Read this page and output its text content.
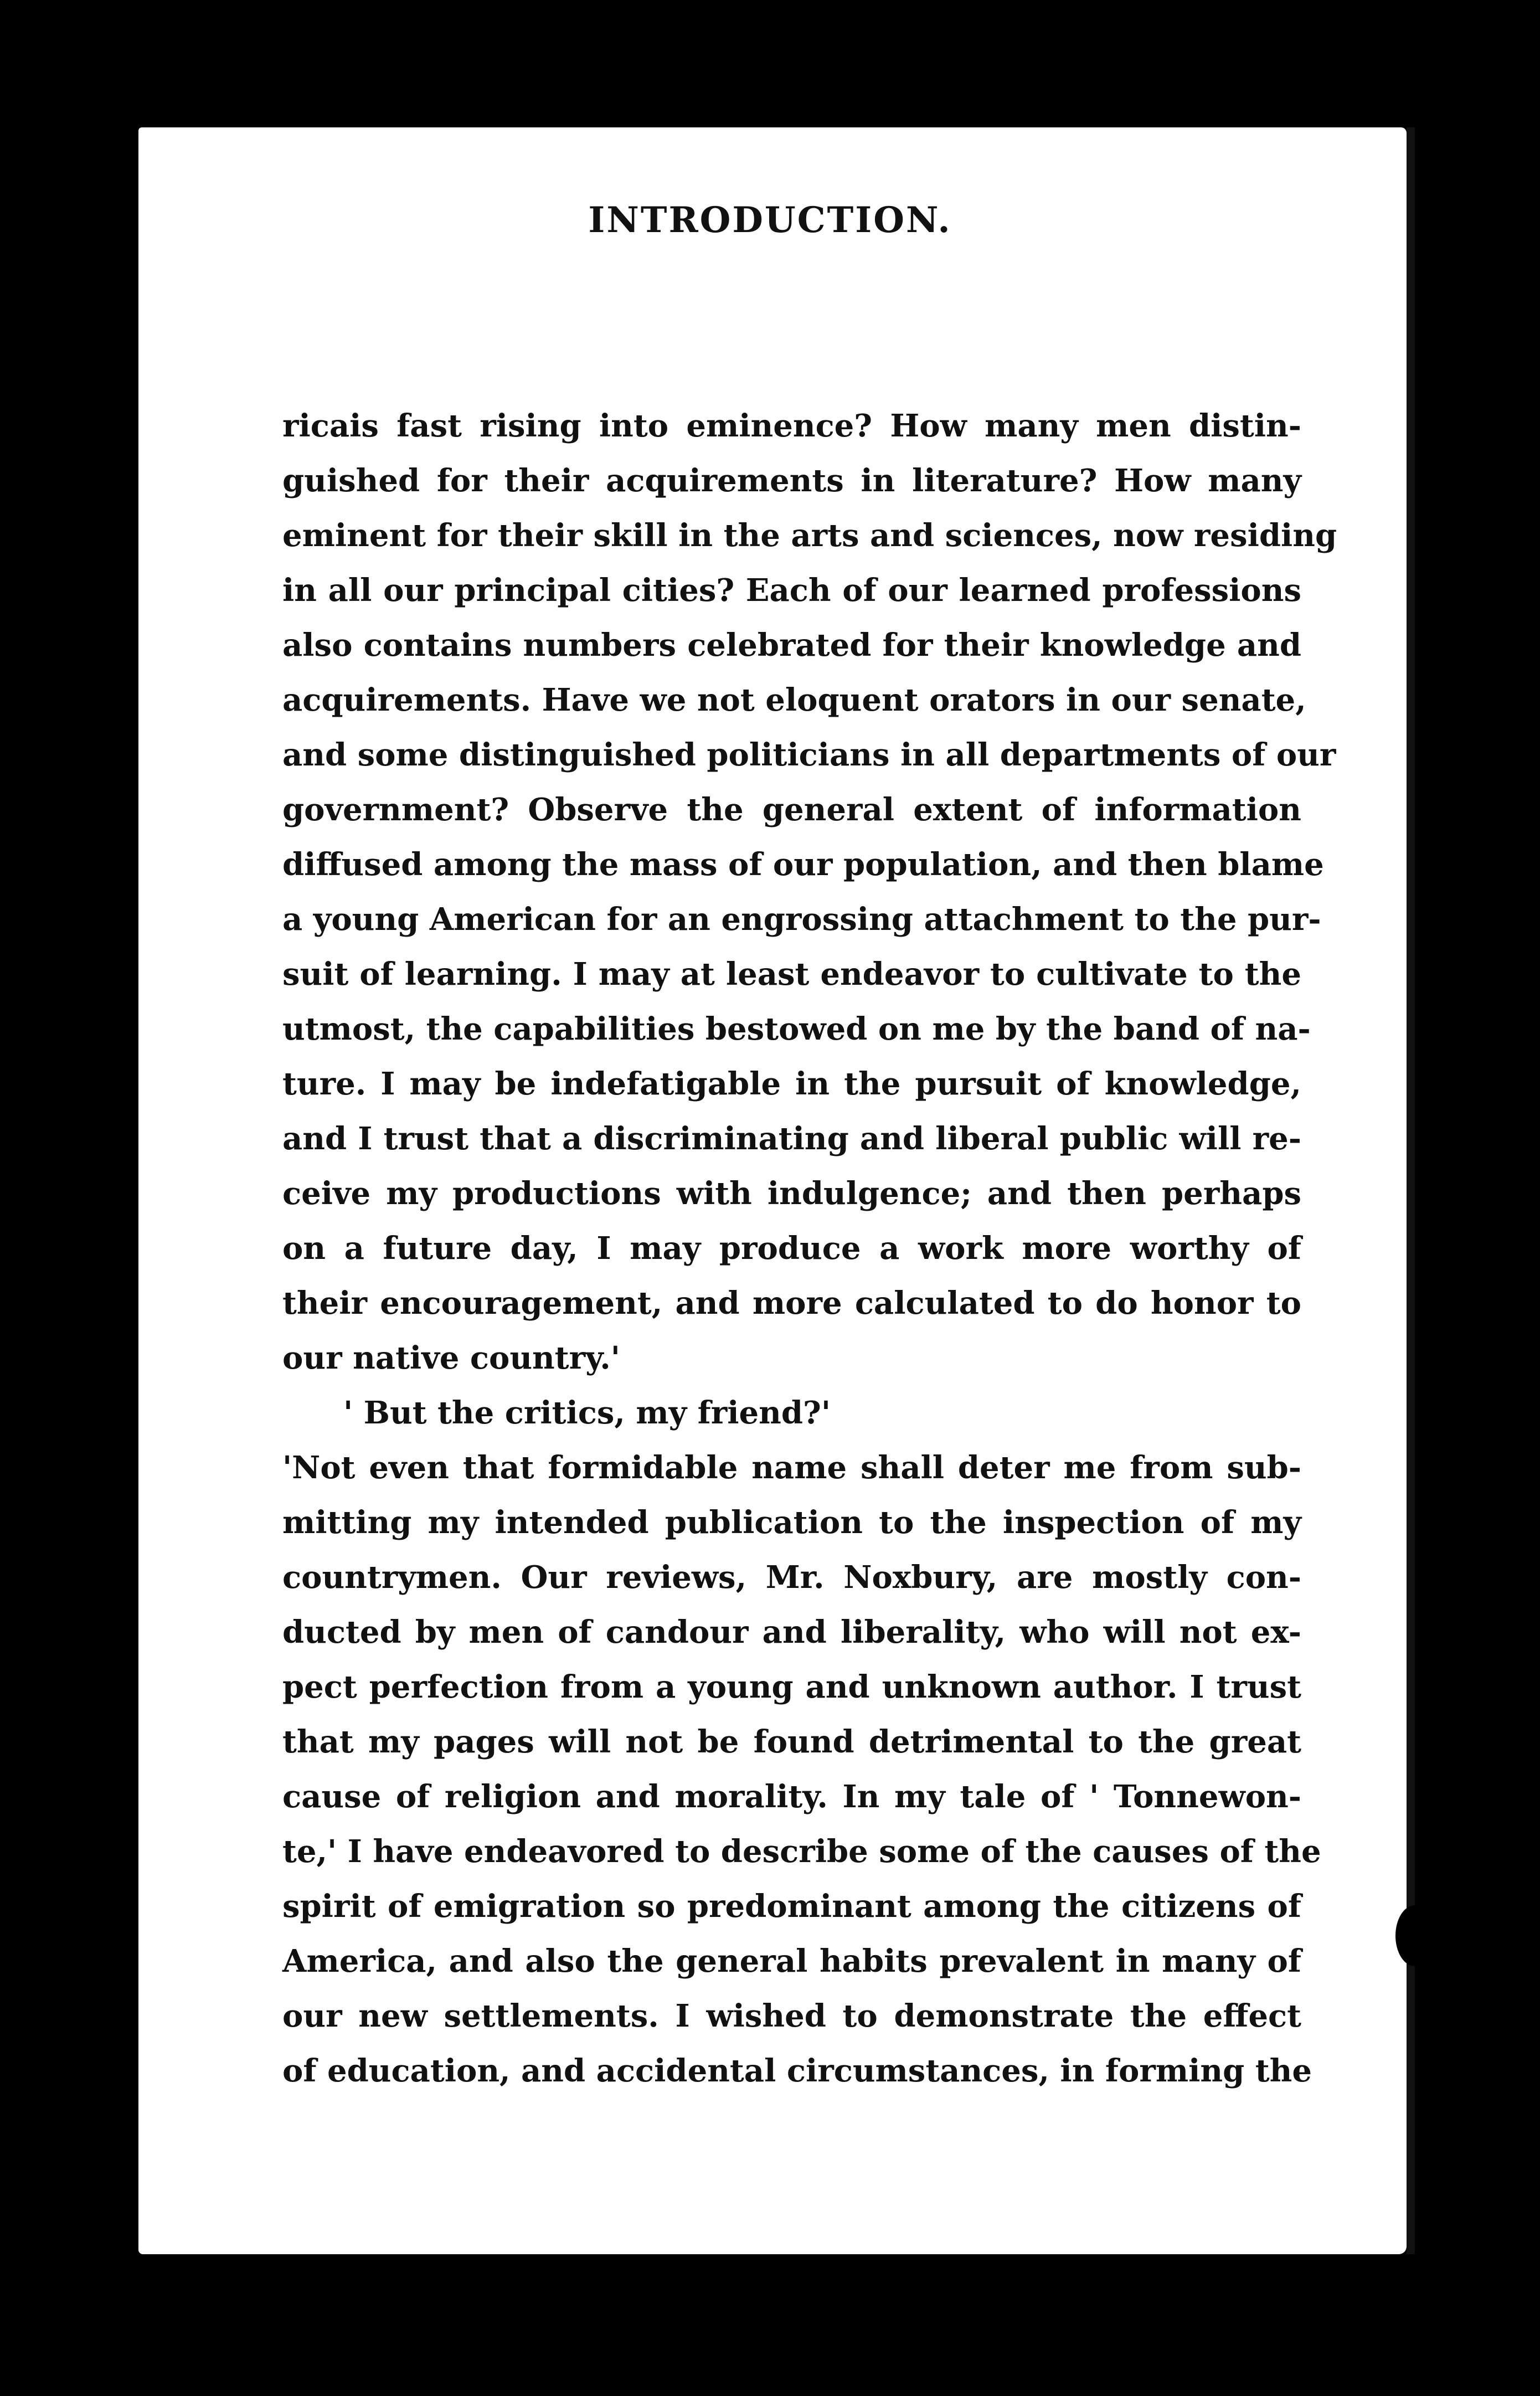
INTRODUCTION.
ricais fast rising into eminence? How many men distin-
guished for their acquirements in literature? How many
eminent for their skill in the arts and sciences, now residing
in all our principal cities? Each of our learned professions
also contains numbers celebrated for their knowledge and
acquirements. Have we not eloquent orators in our senate,
and some distinguished politicians in all departments of our
government? Observe the general extent of information
diffused among the mass of our population, and then blame
a young American for an engrossing attachment to the pur-
suit of learning. I may at least endeavor to cultivate to the
utmost, the capabilities bestowed on me by the band of na-
ture. I may be indefatigable in the pursuit of knowledge,
and I trust that a discriminating and liberal public will re-
ceive my productions with indulgence; and then perhaps
on a future day, I may produce a work more worthy of
their encouragement, and more calculated to do honor to
our native country.'
' But the critics, my friend?'
'Not even that formidable name shall deter me from sub-
mitting my intended publication to the inspection of my
countrymen. Our reviews, Mr. Noxbury, are mostly con-
ducted by men of candour and liberality, who will not ex-
pect perfection from a young and unknown author. I trust
that my pages will not be found detrimental to the great
cause of religion and morality. In my tale of ' Tonnewon-
te,' I have endeavored to describe some of the causes of the
spirit of emigration so predominant among the citizens of
America, and also the general habits prevalent in many of
our new settlements. I wished to demonstrate the effect
of education, and accidental circumstances, in forming the
